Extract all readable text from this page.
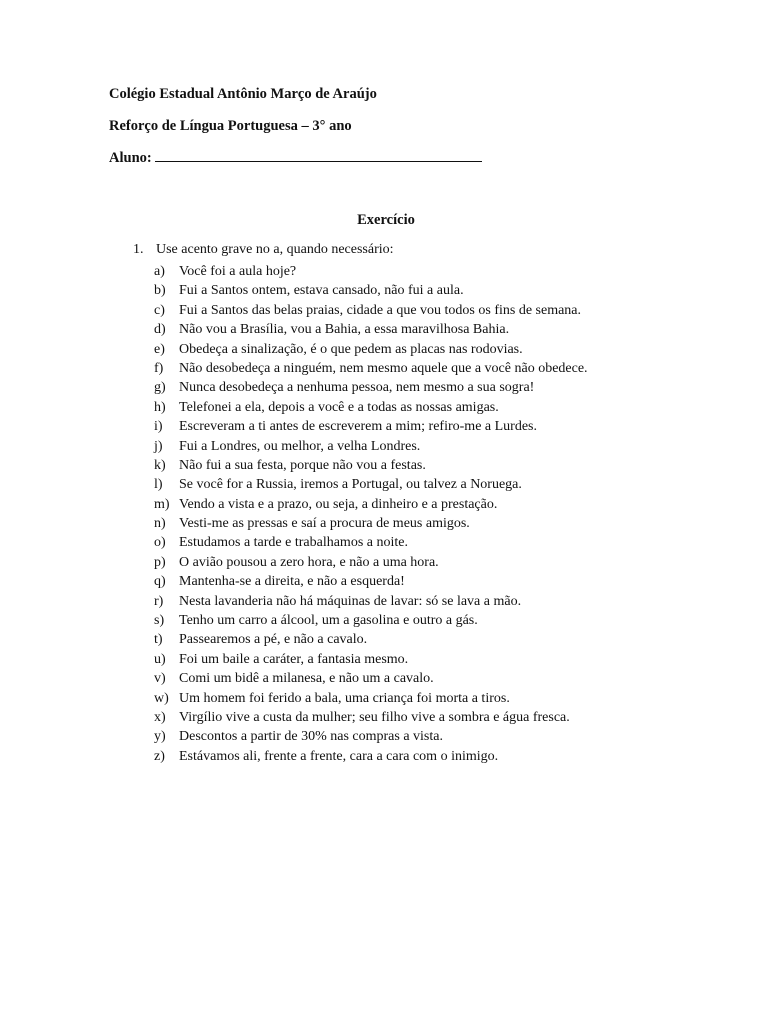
Colégio Estadual Antônio Março de Araújo
Reforço de Língua Portuguesa – 3° ano
Aluno:
Exercício
1. Use acento grave no a, quando necessário:
a) Você foi a aula hoje?
b) Fui a Santos ontem, estava cansado, não fui a aula.
c) Fui a Santos das belas praias, cidade a que vou todos os fins de semana.
d) Não vou a Brasília, vou a Bahia, a essa maravilhosa Bahia.
e) Obedeça a sinalização, é o que pedem as placas nas rodovias.
f) Não desobedeça a ninguém, nem mesmo aquele que a você não obedece.
g) Nunca desobedeça a nenhuma pessoa, nem mesmo a sua sogra!
h) Telefonei a ela, depois a você e a todas as nossas amigas.
i) Escreveram a ti antes de escreverem a mim; refiro-me a Lurdes.
j) Fui a Londres, ou melhor, a velha Londres.
k) Não fui a sua festa, porque não vou a festas.
l) Se você for a Russia, iremos a Portugal, ou talvez a Noruega.
m) Vendo a vista e a prazo, ou seja, a dinheiro e a prestação.
n) Vesti-me as pressas e saí a procura de meus amigos.
o) Estudamos a tarde e trabalhamos a noite.
p) O avião pousou a zero hora, e não a uma hora.
q) Mantenha-se a direita, e não a esquerda!
r) Nesta lavanderia não há máquinas de lavar: só se lava a mão.
s) Tenho um carro a álcool, um a gasolina e outro a gás.
t) Passearemos a pé, e não a cavalo.
u) Foi um baile a caráter, a fantasia mesmo.
v) Comi um bidê a milanesa, e não um a cavalo.
w) Um homem foi ferido a bala, uma criança foi morta a tiros.
x) Virgílio vive a custa da mulher; seu filho vive a sombra e água fresca.
y) Descontos a partir de 30% nas compras a vista.
z) Estávamos ali, frente a frente, cara a cara com o inimigo.
